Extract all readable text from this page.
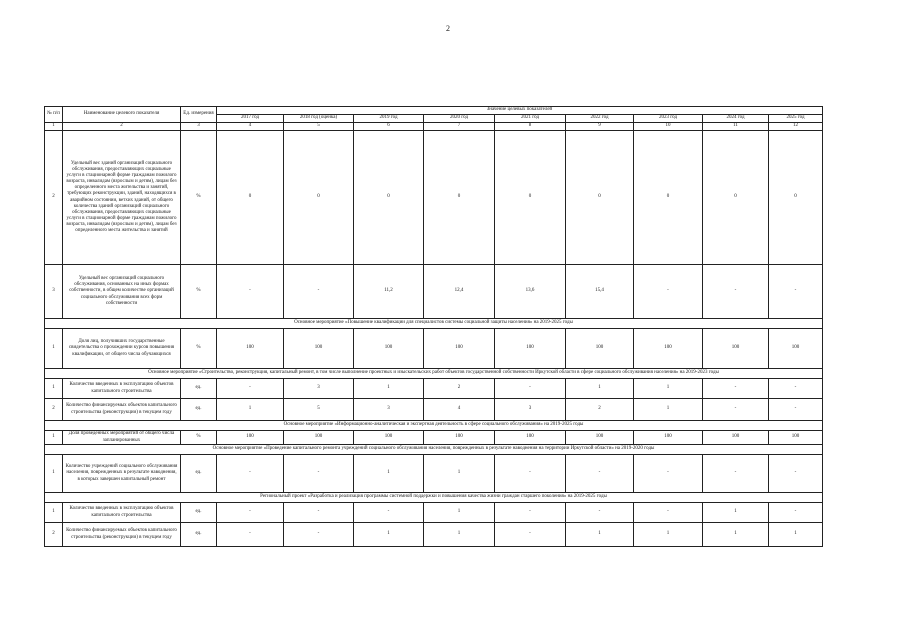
2
№ п/п	Наименование целевого показателя	Ед. измерения	Значение целевых показателей								
			2017 год	2018 год (оценка)	2019 год	2020 год	2021 год	2022 год	2023 год	2024 год	2025 год
1	2	3	4	5	6	7	8	9	10	11	12
2	Удельный вес зданий организаций социального обслуживания, предоставляющих социальные услуги в стационарной форме гражданам пожилого возраста, инвалидам (взрослым и детям), лицам без определенного места жительства и занятий, требующих реконструкции, зданий, находящихся в аварийном состоянии, ветхих зданий, от общего количества зданий организаций социального обслуживания, предоставляющих социальные услуги в стационарной форме гражданам пожилого возраста, инвалидам (взрослым и детям), лицам без определенного места жительства и занятий	%	0	0	0	0	0	0	0	0	0
3	Удельный вес организаций социального обслуживания, основанных на иных формах собственности, в общем количестве организаций социального обслуживания всех форм собственности	%	-	-	11,2	12,4	13,6	15,4	-	-	-
Основное мероприятие «Повышение квалификации для специалистов системы социальной защиты населения» на 2019-2025 годы											
1	Доля лиц, получивших государственные свидетельства о прохождении курсов повышения квалификации, от общего числа обучающихся	%	100	100	100	100	100	100	100	100	100
Основное мероприятие «Строительство, реконструкция, капитальный ремонт, в том числе выполнение проектных и изыскательских работ объектов государственной собственности Иркутской области в сфере социального обслуживания населения» на 2019-2023 годы											
1	Количество введенных в эксплуатацию объектов капитального строительства	ед.	-	3	1	2	-	1	1	-	-
2	Количество финансируемых объектов капитального строительства (реконструкции) в текущем году	ед.	1	5	3	4	3	2	1	-	-
Основное мероприятие «Информационно-аналитическая и экспертная деятельность в сфере социального обслуживания» на 2019-2025 годы											
1	Доля проведенных мероприятий от общего числа запланированных	%	100	100	100	100	100	100	100	100	100
Основное мероприятие «Проведение капитального ремонта учреждений социального обслуживания населения, поврежденных в результате наводнения на территории Иркутской области» на 2019-2020 годы											
1	Количество учреждений социального обслуживания населения, поврежденных в результате наводнения, в которых завершен капитальный ремонт	ед.	-	-	1	1	-	-	-	-	-
Региональный проект «Разработка и реализация программы системной поддержки и повышения качества жизни граждан старшего поколения» на 2019-2025 годы											
1	Количество введенных в эксплуатацию объектов капитального строительства	ед.	-	-	-	1	-	-	-	1	-
2	Количество финансируемых объектов капитального строительства (реконструкции) в текущем году	ед.	-	-	1	1	-	1	1	1	1
